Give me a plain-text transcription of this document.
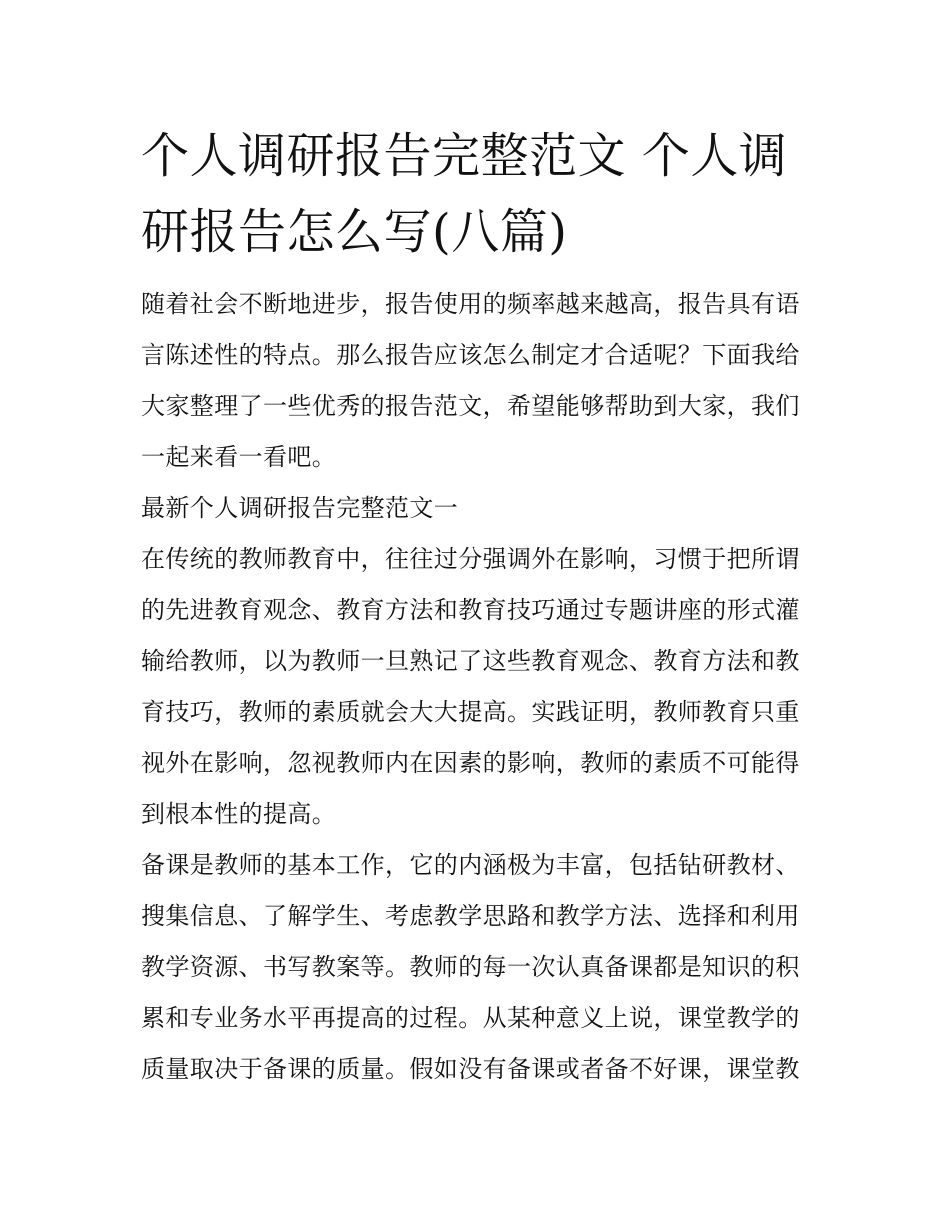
个人调研报告完整范文 个人调研报告怎么写(八篇)

随着社会不断地进步，报告使用的频率越来越高，报告具有语言陈述性的特点。那么报告应该怎么制定才合适呢？下面我给大家整理了一些优秀的报告范文，希望能够帮助到大家，我们一起来看一看吧。

最新个人调研报告完整范文一

在传统的教师教育中，往往过分强调外在影响，习惯于把所谓的先进教育观念、教育方法和教育技巧通过专题讲座的形式灌输给教师，以为教师一旦熟记了这些教育观念、教育方法和教育技巧，教师的素质就会大大提高。实践证明，教师教育只重视外在影响，忽视教师内在因素的影响，教师的素质不可能得到根本性的提高。

备课是教师的基本工作，它的内涵极为丰富，包括钻研教材、搜集信息、了解学生、考虑教学思路和教学方法、选择和利用教学资源、书写教案等。教师的每一次认真备课都是知识的积累和专业务水平再提高的过程。从某种意义上说，课堂教学的质量取决于备课的质量。假如没有备课或者备不好课，课堂教
